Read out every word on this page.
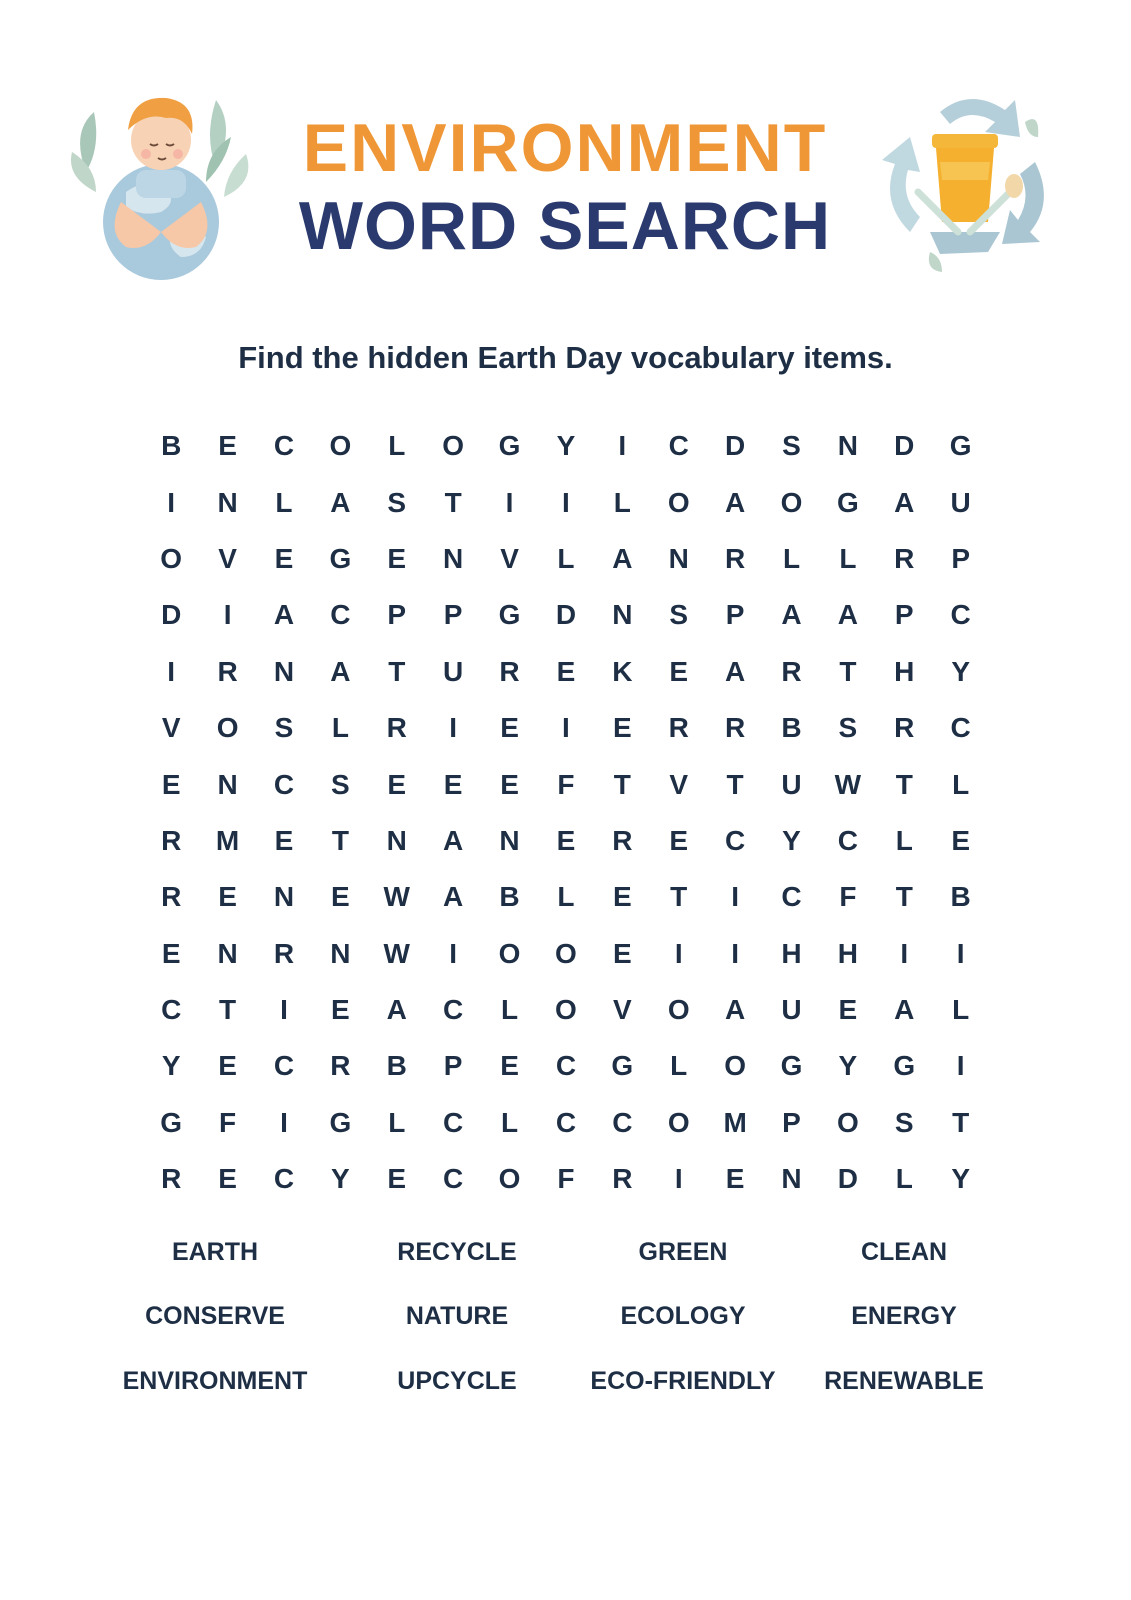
ENVIRONMENT
WORD SEARCH
Find the hidden Earth Day vocabulary items.
B	E	C	O	L	O	G	Y	I	C	D	S	N	D	G
I	N	L	A	S	T	I	I	L	O	A	O	G	A	U
O	V	E	G	E	N	V	L	A	N	R	L	L	R	P
D	I	A	C	P	P	G	D	N	S	P	A	A	P	C
I	R	N	A	T	U	R	E	K	E	A	R	T	H	Y
V	O	S	L	R	I	E	I	E	R	R	B	S	R	C
E	N	C	S	E	E	E	F	T	V	T	U	W	T	L
R	M	E	T	N	A	N	E	R	E	C	Y	C	L	E
R	E	N	E	W	A	B	L	E	T	I	C	F	T	B
E	N	R	N	W	I	O	O	E	I	I	H	H	I	I
C	T	I	E	A	C	L	O	V	O	A	U	E	A	L
Y	E	C	R	B	P	E	C	G	L	O	G	Y	G	I
G	F	I	G	L	C	L	C	C	O	M	P	O	S	T
R	E	C	Y	E	C	O	F	R	I	E	N	D	L	Y
EARTH	RECYCLE	GREEN	CLEAN
CONSERVE	NATURE	ECOLOGY	ENERGY
ENVIRONMENT	UPCYCLE	ECO-FRIENDLY	RENEWABLE
